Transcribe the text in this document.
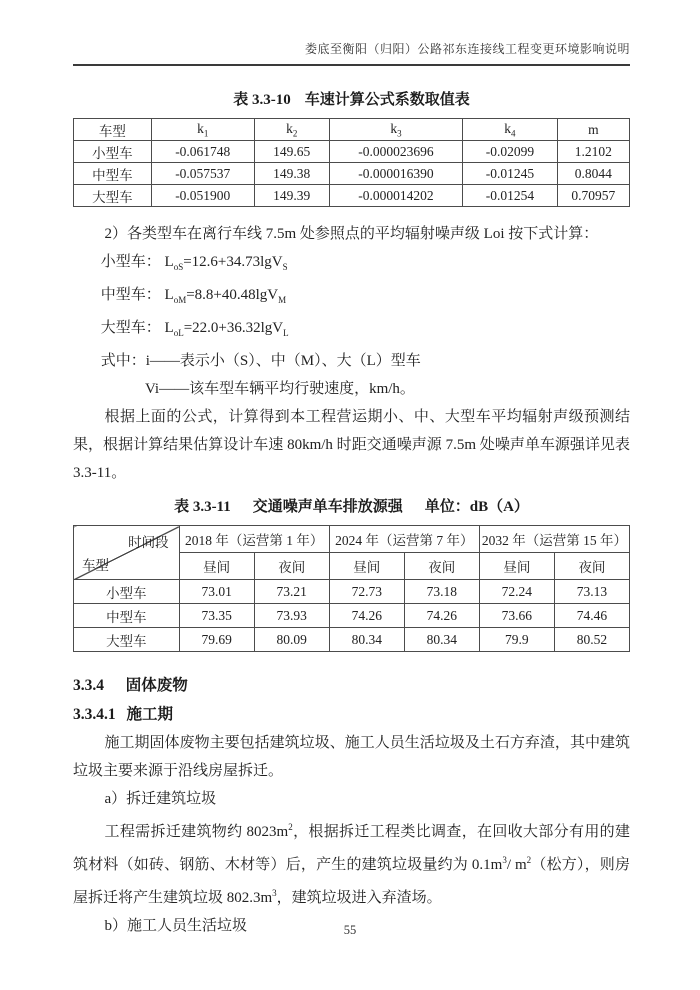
娄底至衡阳（归阳）公路祁东连接线工程变更环境影响说明
表 3.3-10 车速计算公式系数取值表
车型	$k_1$	$k_2$	$k_3$	$k_4$	m
小型车	-0.061748	149.65	-0.000023696	-0.02099	1.2102
中型车	-0.057537	149.38	-0.000016390	-0.01245	0.8044
大型车	-0.051900	149.39	-0.000014202	-0.01254	0.70957

2）各类型车在离行车线 7.5m 处参照点的平均辐射噪声级 Loi 按下式计算：

小型车： $L_{oS}=12.6+34.73\lg V_S$

中型车： $L_{oM}=8.8+40.48\lg V_M$

大型车： $L_{oL}=22.0+36.32\lg V_L$

式中：i——表示小（S）、中（M）、大（L）型车

Vi——该车型车辆平均行驶速度，km/h。

根据上面的公式，计算得到本工程营运期小、中、大型车平均辐射声级预测结果，根据计算结果估算设计车速 80km/h 时距交通噪声源 7.5m 处噪声单车源强详见表 3.3-11。

表 3.3-11 交通噪声单车排放源强 单位：dB（A）
时间段
车型	2018 年（运营第 1 年）		2024 年（运营第 7 年）		2032 年（运营第 15 年）	
	昼间	夜间	昼间	夜间	昼间	夜间
小型车	73.01	73.21	72.73	73.18	72.24	73.13
中型车	73.35	73.93	74.26	74.26	73.66	74.46
大型车	79.69	80.09	80.34	80.34	79.9	80.52
3.3.4 固体废物
3.3.4.1 施工期

施工期固体废物主要包括建筑垃圾、施工人员生活垃圾及土石方弃渣，其中建筑垃圾主要来源于沿线房屋拆迁。

a）拆迁建筑垃圾

工程需拆迁建筑物约 $8023m^2$，根据拆迁工程类比调查，在回收大部分有用的建筑材料（如砖、钢筋、木材等）后，产生的建筑垃圾量约为 $0.1m^3/$ $m^2$（松方），则房屋拆迁将产生建筑垃圾 $802.3m^3$，建筑垃圾进入弃渣场。

b）施工人员生活垃圾	55
